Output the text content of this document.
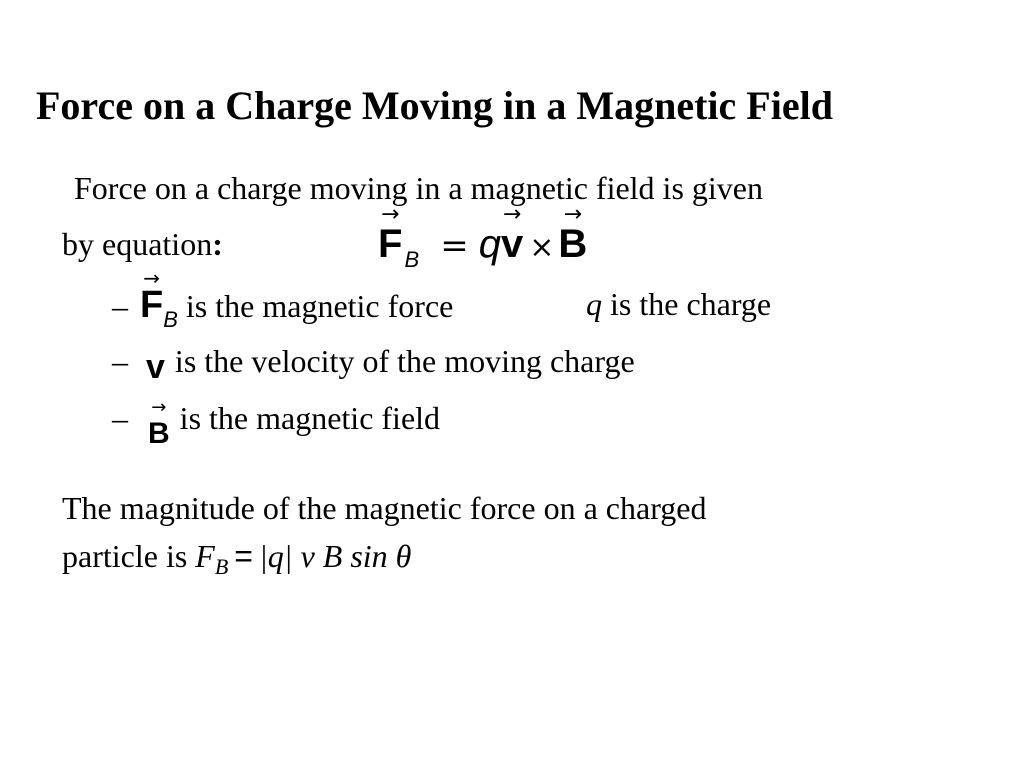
Force on a Charge Moving in a Magnetic Field
Force on a charge moving in a magnetic field is given
by equation:
→
$F_B = q$
→
v ×
→
B
–
→
$F_B$ is the magnetic force	q is the charge
– v is the velocity of the moving charge
– →
B is the magnetic field
The magnitude of the magnetic force on a charged
particle is $F_B = |q|$ v B sin θ
